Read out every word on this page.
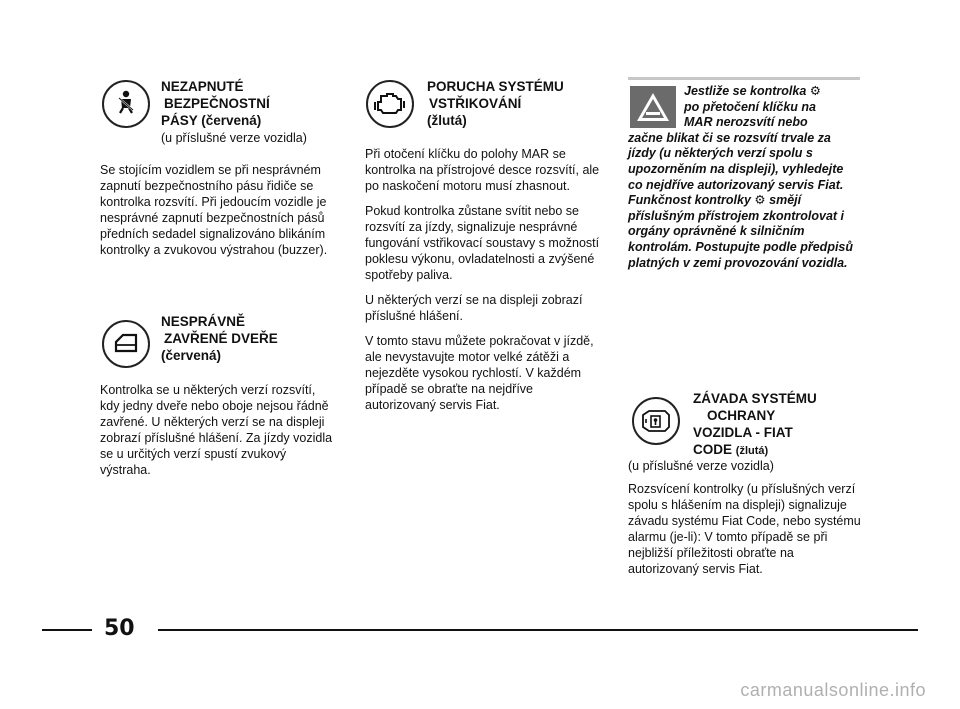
NEZAPNUTÉ
BEZPEČNOSTNÍ
PÁSY (červená)
(u příslušné verze vozidla)

Se stojícím vozidlem se při nesprávném zapnutí bezpečnostního pásu řidiče se kontrolka rozsvítí. Při jedoucím vozidle je nesprávné zapnutí bezpečnostních pásů předních sedadel signalizováno blikáním kontrolky a zvukovou výstrahou (buzzer).

NESPRÁVNĚ
ZAVŘENÉ DVEŘE
(červená)

Kontrolka se u některých verzí rozsvítí, kdy jedny dveře nebo oboje nejsou řádně zavřené. U některých verzí se na displeji zobrazí příslušné hlášení. Za jízdy vozidla se u určitých verzí spustí zvukový výstraha.

PORUCHA SYSTÉMU
VSTŘIKOVÁNÍ
(žlutá)

Při otočení klíčku do polohy MAR se kontrolka na přístrojové desce rozsvítí, ale po naskočení motoru musí zhasnout.

Pokud kontrolka zůstane svítit nebo se rozsvítí za jízdy, signalizuje nesprávné fungování vstřikovací soustavy s možností poklesu výkonu, ovladatelnosti a zvýšené spotřeby paliva.

U některých verzí se na displeji zobrazí příslušné hlášení.

V tomto stavu můžete pokračovat v jízdě, ale nevystavujte motor velké zátěži a nejezděte vysokou rychlostí. V každém případě se obraťte na nejdříve autorizovaný servis Fiat.

Jestliže se kontrolka ⚙
po přetočení klíčku na
MAR nerozsvítí nebo
začne blikat či se rozsvítí trvale za jízdy (u některých verzí spolu s upozorněním na displeji), vyhledejte co nejdříve autorizovaný servis Fiat. Funkčnost kontrolky ⚙ smějí příslušným přístrojem zkontrolovat i orgány oprávněné k silničním kontrolám. Postupujte podle předpisů platných v zemi provozování vozidla.
ZÁVADA SYSTÉMU
OCHRANY
VOZIDLA - FIAT
CODE (žlutá)
(u příslušné verze vozidla)

Rozsvícení kontrolky (u příslušných verzí spolu s hlášením na displeji) signalizuje závadu systému Fiat Code, nebo systému alarmu (je-li): V tomto případě se při nejbližší příležitosti obraťte na autorizovaný servis Fiat.

50
carmanualsonline.info
